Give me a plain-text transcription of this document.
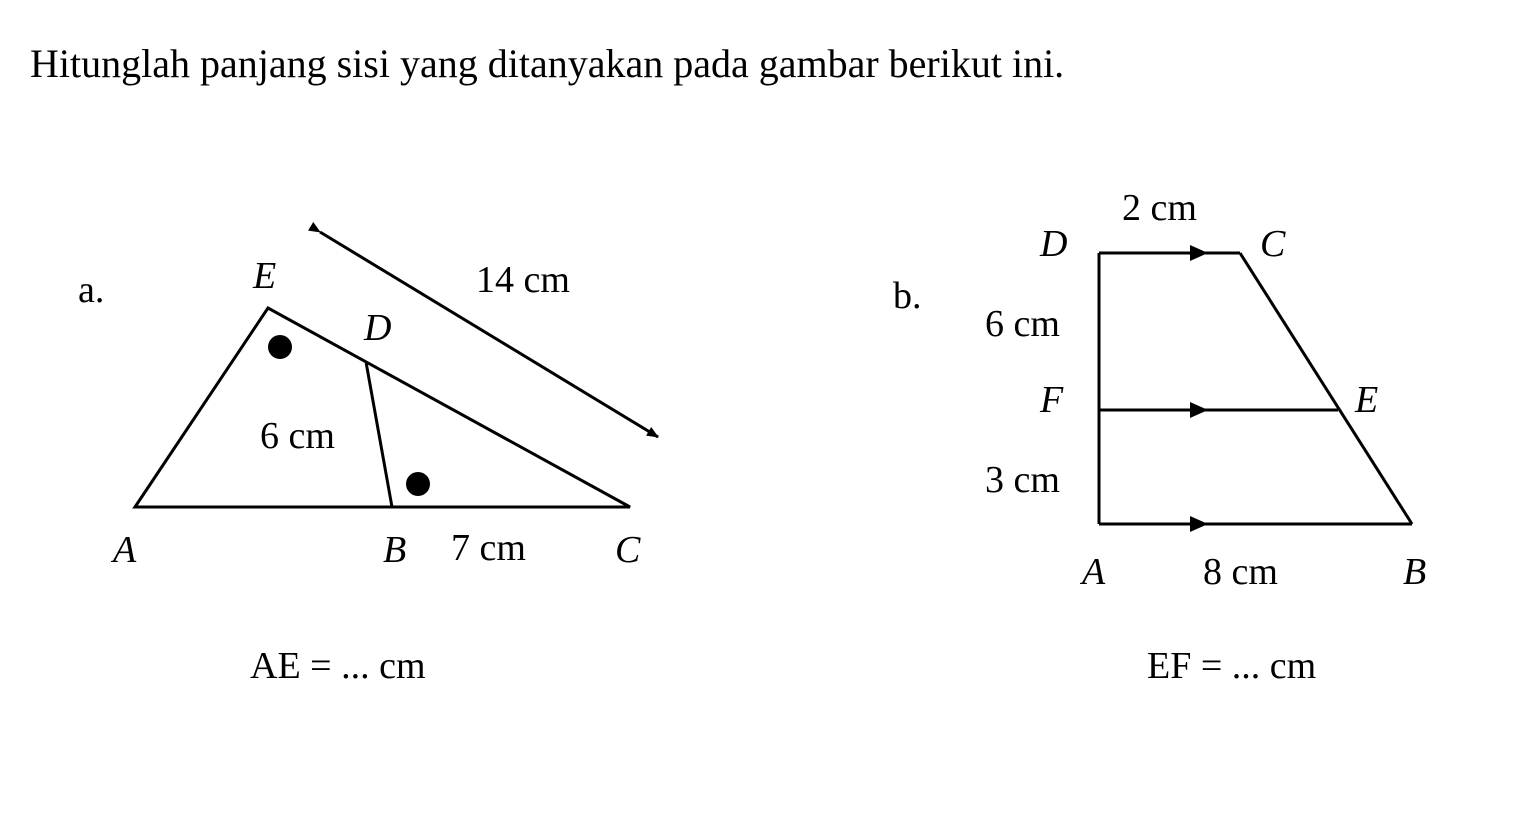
Hitunglah panjang sisi yang ditanyakan pada gambar berikut ini.
a.	E
D
A	B	C
14 cm
6 cm
7 cm
AE = ... cm
b.
D	C
F	E
A	B
2 cm
6 cm
3 cm
8 cm
EF = ... cm
